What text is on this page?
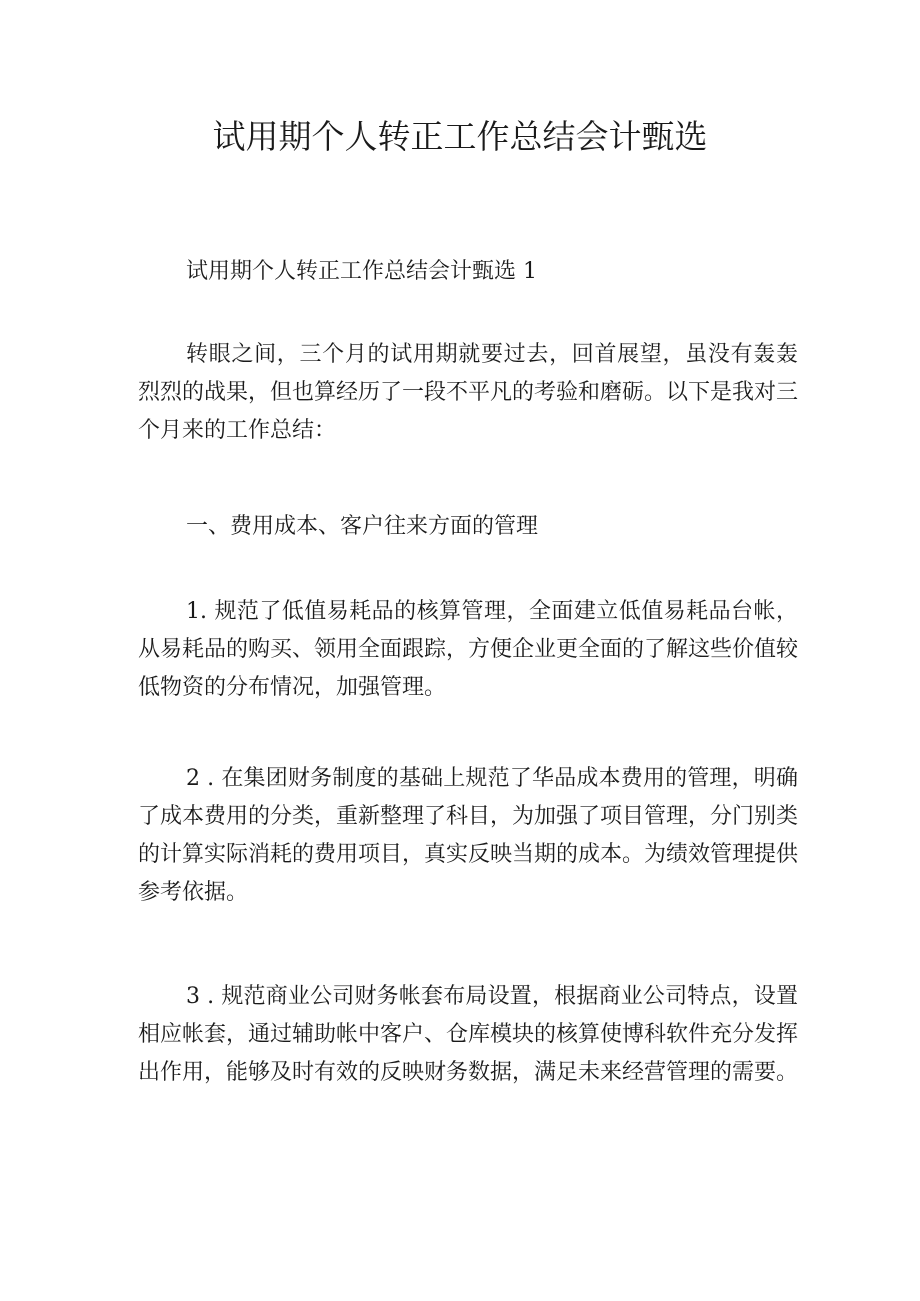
试用期个人转正工作总结会计甄选
试用期个人转正工作总结会计甄选 1

转眼之间，三个月的试用期就要过去，回首展望，虽没有轰轰烈烈的战果，但也算经历了一段不平凡的考验和磨砺。以下是我对三个月来的工作总结：

一、费用成本、客户往来方面的管理

1. 规范了低值易耗品的核算管理，全面建立低值易耗品台帐，从易耗品的购买、领用全面跟踪，方便企业更全面的了解这些价值较低物资的分布情况，加强管理。

2 . 在集团财务制度的基础上规范了华品成本费用的管理，明确了成本费用的分类，重新整理了科目，为加强了项目管理，分门别类的计算实际消耗的费用项目，真实反映当期的成本。为绩效管理提供参考依据。

3 . 规范商业公司财务帐套布局设置，根据商业公司特点，设置相应帐套，通过辅助帐中客户、仓库模块的核算使博科软件充分发挥出作用，能够及时有效的反映财务数据，满足未来经营管理的需要。
